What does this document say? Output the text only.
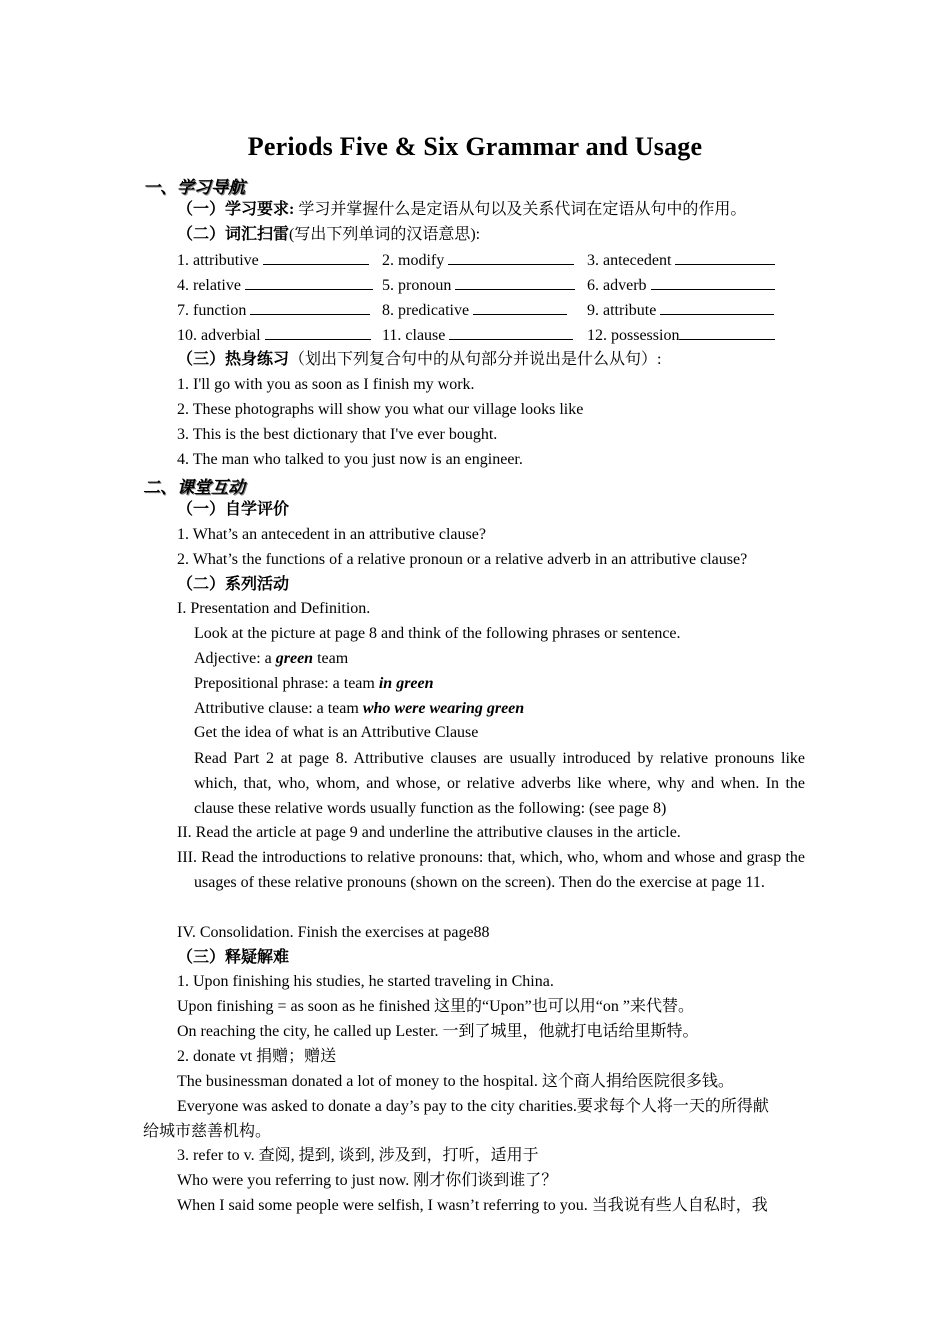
Periods Five & Six Grammar and Usage
一、学习导航
（一）学习要求: 学习并掌握什么是定语从句以及关系代词在定语从句中的作用。
（二）词汇扫雷(写出下列单词的汉语意思):
1. attributive	2. modify	3. antecedent
4. relative	5. pronoun	6. adverb
7. function	8. predicative	9. attribute
10. adverbial	11. clause	12. possession
（三）热身练习（划出下列复合句中的从句部分并说出是什么从句）:
1. I'll go with you as soon as I finish my work.
2. These photographs will show you what our village looks like
3. This is the best dictionary that I've ever bought.
4. The man who talked to you just now is an engineer.
二、课堂互动
（一）自学评价
1. What’s an antecedent in an attributive clause?
2. What’s the functions of a relative pronoun or a relative adverb in an attributive clause?
（二）系列活动
I. Presentation and Definition.
Look at the picture at page 8 and think of the following phrases or sentence.
Adjective: a green team
Prepositional phrase: a team in green
Attributive clause: a team who were wearing green
Get the idea of what is an Attributive Clause
Read Part 2 at page 8. Attributive clauses are usually introduced by relative pronouns like which, that, who, whom, and whose, or relative adverbs like where, why and when. In the clause these relative words usually function as the following: (see page 8)
II. Read the article at page 9 and underline the attributive clauses in the article.
III. Read the introductions to relative pronouns: that, which, who, whom and whose and grasp the usages of these relative pronouns (shown on the screen). Then do the exercise at page 11.
IV. Consolidation. Finish the exercises at page88
（三）释疑解难
1. Upon finishing his studies, he started traveling in China.
Upon finishing = as soon as he finished 这里的“Upon”也可以用“on ”来代替。
On reaching the city, he called up Lester. 一到了城里，他就打电话给里斯特。
2. donate vt 捐赠；赠送
The businessman donated a lot of money to the hospital. 这个商人捐给医院很多钱。
Everyone was asked to donate a day’s pay to the city charities.要求每个人将一天的所得献
给城市慈善机构。
3. refer to v. 查阅, 提到, 谈到, 涉及到，打听，适用于
Who were you referring to just now. 刚才你们谈到谁了？
When I said some people were selfish, I wasn’t referring to you. 当我说有些人自私时，我
